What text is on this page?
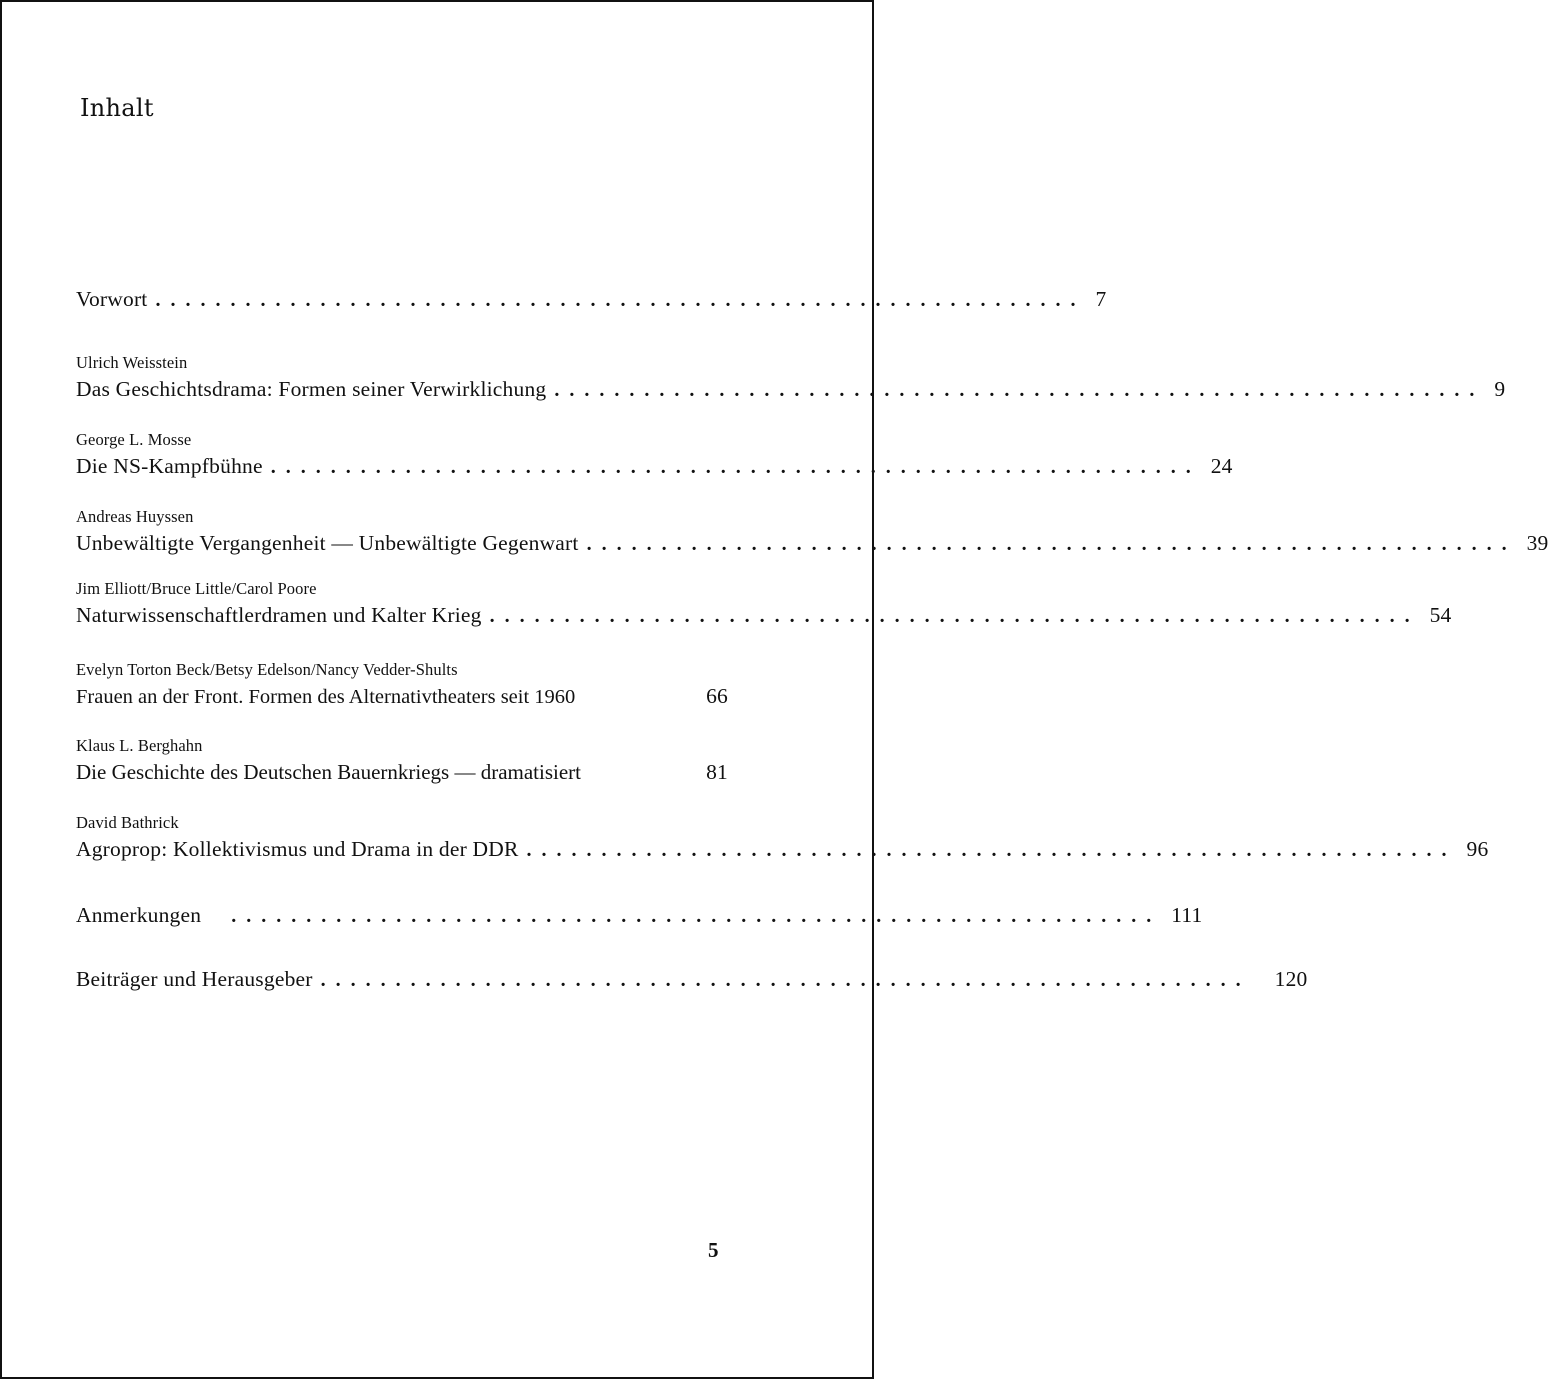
Inhalt
Vorwort .............................................................. 7
Ulrich Weisstein
Das Geschichtsdrama: Formen seiner Verwirklichung .............................................................. 9
George L. Mosse
Die NS-Kampfbühne .............................................................. 24
Andreas Huyssen
Unbewältigte Vergangenheit — Unbewältigte Gegenwart .............................................................. 39
Jim Elliott/Bruce Little/Carol Poore
Naturwissenschaftlerdramen und Kalter Krieg .............................................................. 54
Evelyn Torton Beck/Betsy Edelson/Nancy Vedder-Shults
Frauen an der Front. Formen des Alternativtheaters seit 1960	66
Klaus L. Berghahn
Die Geschichte des Deutschen Bauernkriegs — dramatisiert	81
David Bathrick
Agroprop: Kollektivismus und Drama in der DDR .............................................................. 96
Anmerkungen	.............................................................. 111
Beiträger und Herausgeber ..............................................................	120
5
